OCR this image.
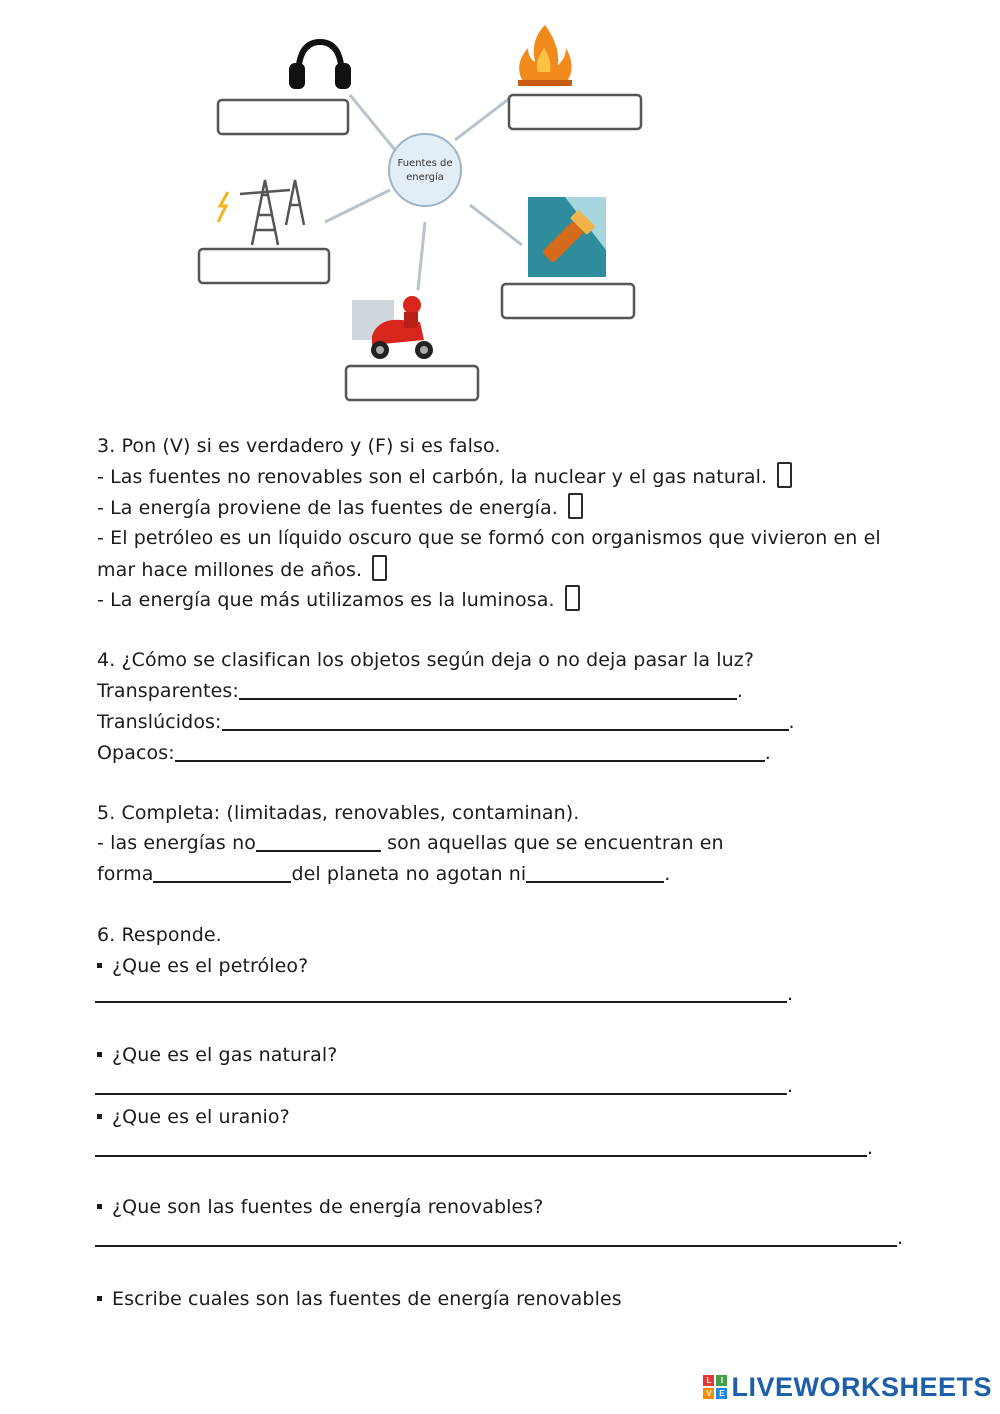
Fuentes de
energía
3. Pon (V) si es verdadero y (F) si es falso.
- Las fuentes no renovables son el carbón, la nuclear y el gas natural.
- La energía proviene de las fuentes de energía.
- El petróleo es un líquido oscuro que se formó con organismos que vivieron en el
mar hace millones de años.
- La energía que más utilizamos es la luminosa.
4. ¿Cómo se clasifican los objetos según deja o no deja pasar la luz?
Transparentes:	.
Translúcidos:	.
Opacos:	.
5. Completa: (limitadas, renovables, contaminan).
- las energías no	son aquellas que se encuentran en
forma	del planeta no agotan ni	.
6. Responde.
¿Que es el petróleo?
.
¿Que es el gas natural?
.
¿Que es el uranio?
.
¿Que son las fuentes de energía renovables?
.
Escribe cuales son las fuentes de energía renovables
L	I
V E LIVEWORKSHEETS
